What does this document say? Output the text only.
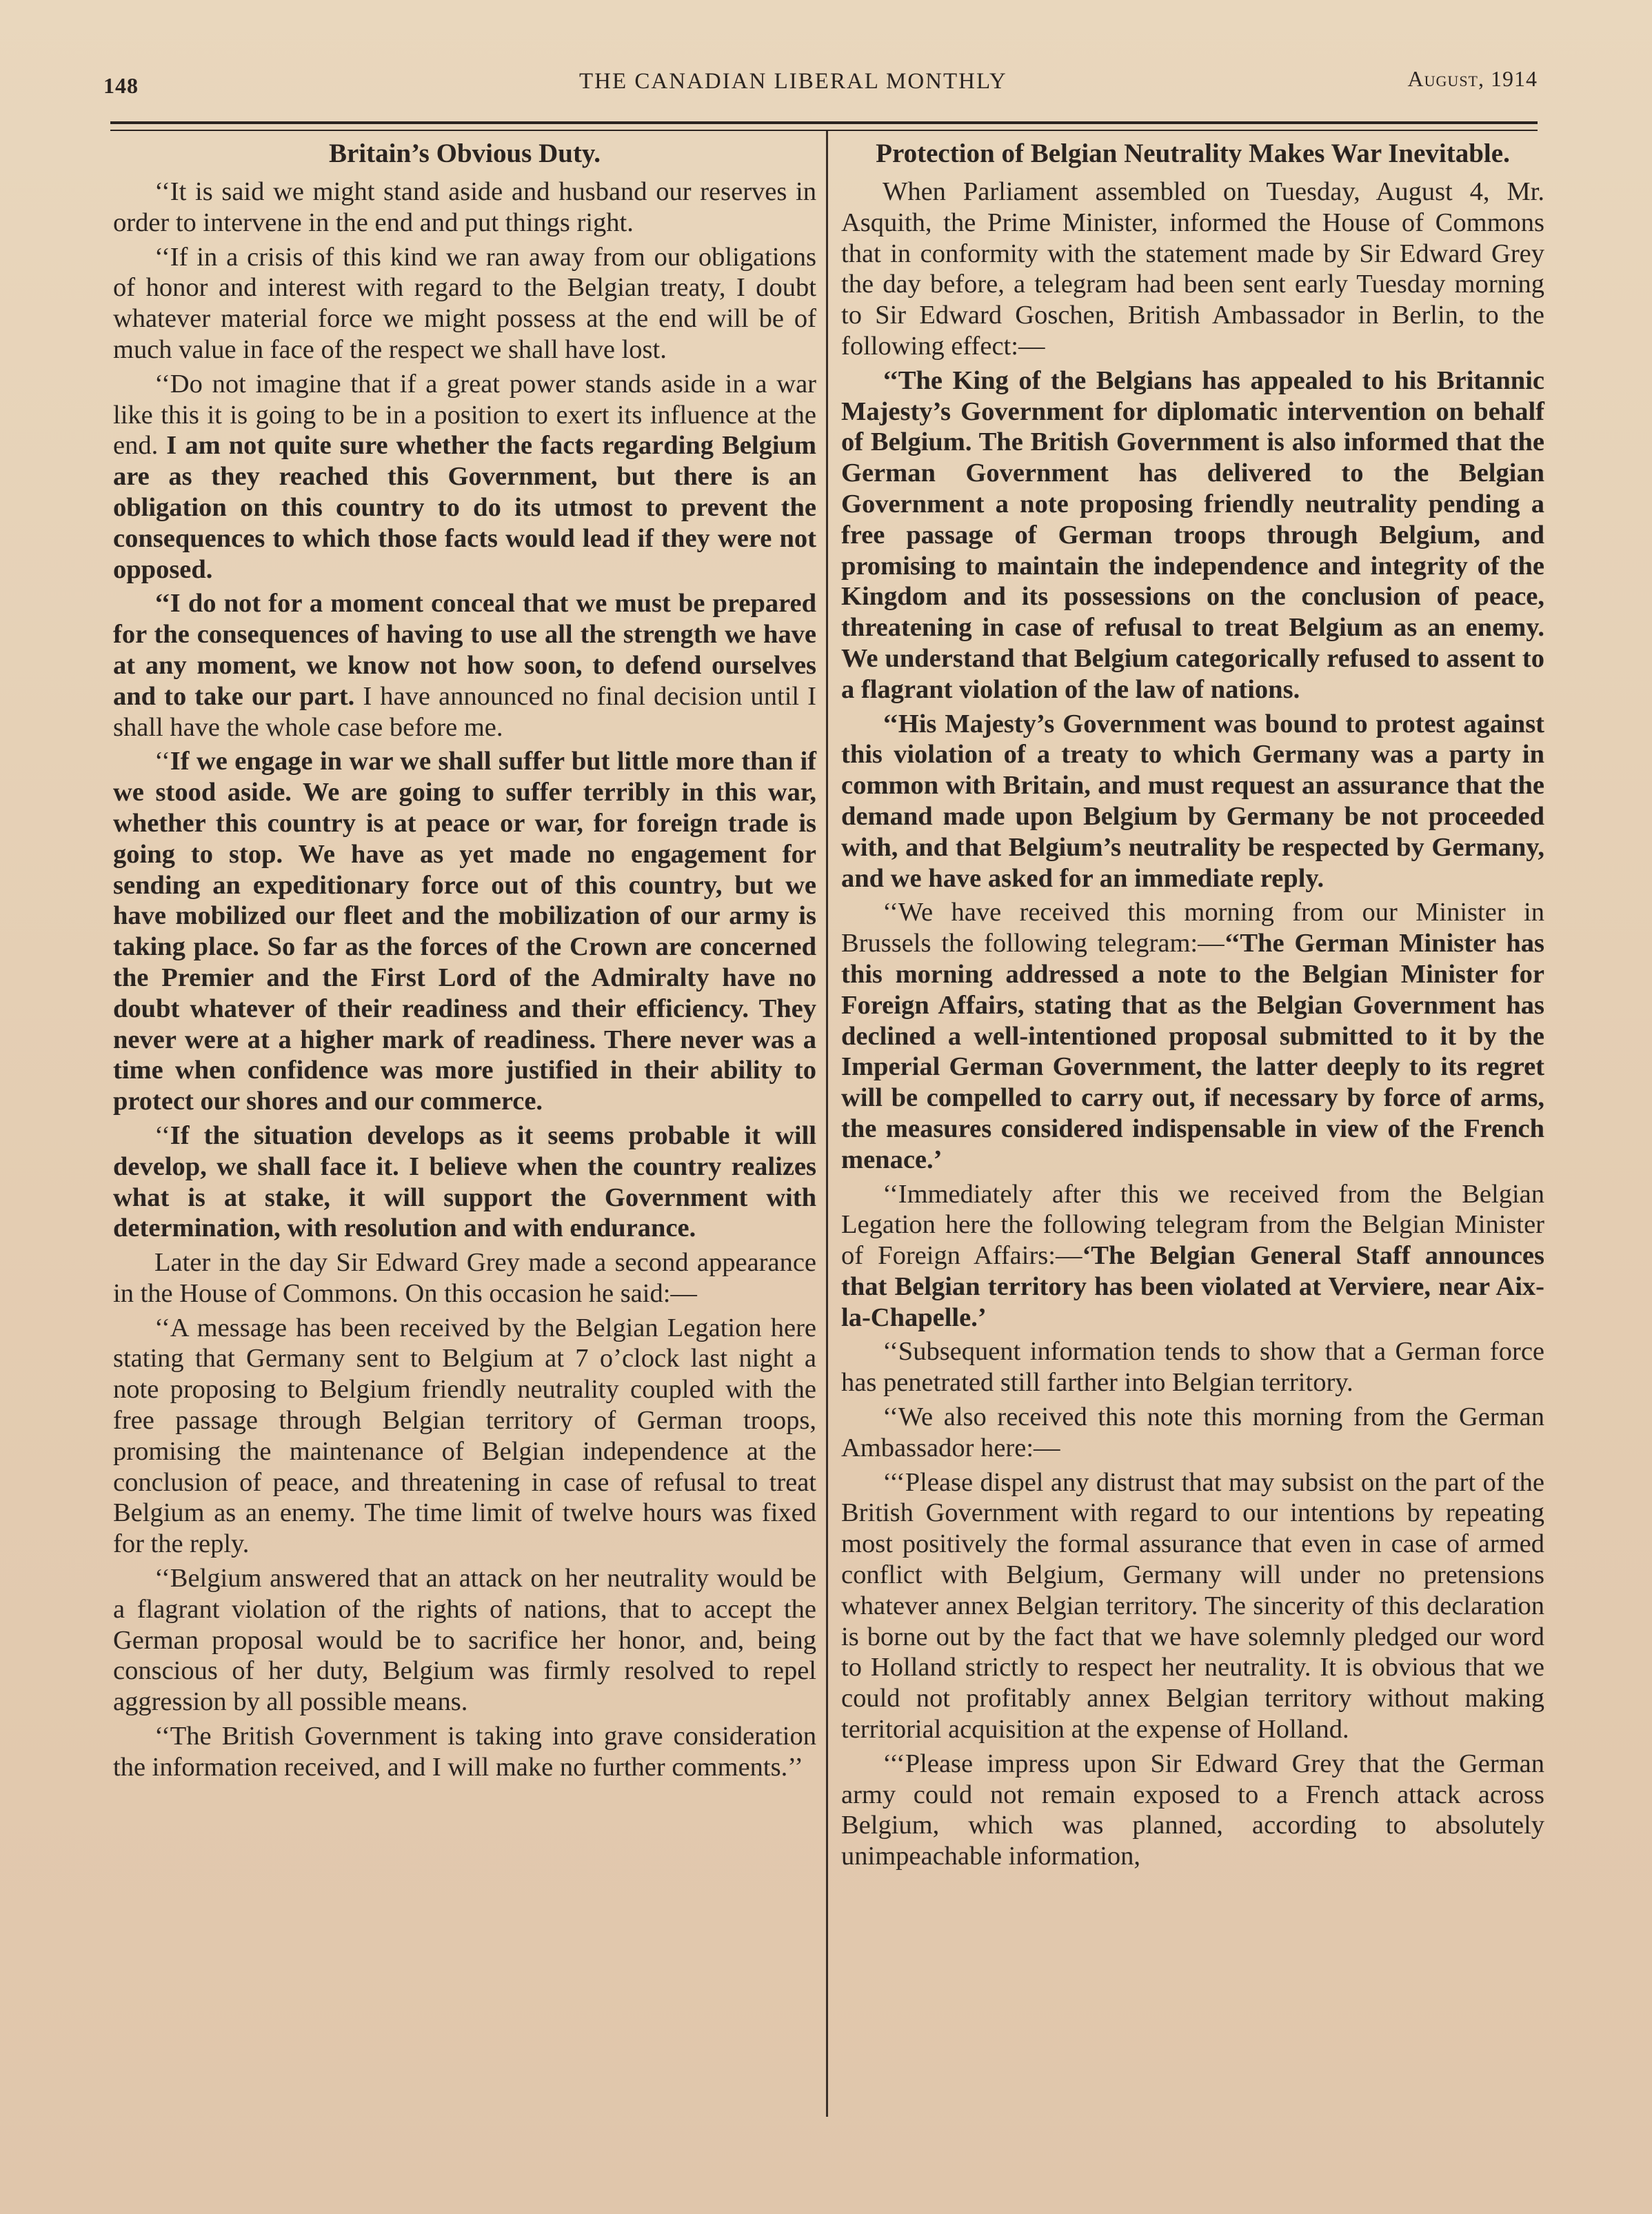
148	THE CANADIAN LIBERAL MONTHLY	August, 1914
Britain’s Obvious Duty.

‘‘It is said we might stand aside and husband our reserves in order to intervene in the end and put things right.

‘‘If in a crisis of this kind we ran away from our obligations of honor and interest with regard to the Belgian treaty, I doubt whatever material force we might possess at the end will be of much value in face of the respect we shall have lost.

‘‘Do not imagine that if a great power stands aside in a war like this it is going to be in a position to exert its influence at the end. I am not quite sure whether the facts regarding Belgium are as they reached this Government, but there is an obligation on this country to do its utmost to prevent the consequences to which those facts would lead if they were not opposed.

‘‘I do not for a moment conceal that we must be prepared for the consequences of having to use all the strength we have at any moment, we know not how soon, to defend ourselves and to take our part. I have announced no final decision until I shall have the whole case before me.

‘‘If we engage in war we shall suffer but little more than if we stood aside. We are going to suffer terribly in this war, whether this country is at peace or war, for foreign trade is going to stop. We have as yet made no engagement for sending an expeditionary force out of this country, but we have mobilized our fleet and the mobilization of our army is taking place. So far as the forces of the Crown are concerned the Premier and the First Lord of the Admiralty have no doubt whatever of their readiness and their efficiency. They never were at a higher mark of readiness. There never was a time when confidence was more justified in their ability to protect our shores and our commerce.

‘‘If the situation develops as it seems probable it will develop, we shall face it. I believe when the country realizes what is at stake, it will support the Government with determination, with resolution and with endurance.

Later in the day Sir Edward Grey made a second appearance in the House of Commons. On this occasion he said:—

‘‘A message has been received by the Belgian Legation here stating that Germany sent to Belgium at 7 o’clock last night a note proposing to Belgium friendly neutrality coupled with the free passage through Belgian territory of German troops, promising the maintenance of Belgian independence at the conclusion of peace, and threatening in case of refusal to treat Belgium as an enemy. The time limit of twelve hours was fixed for the reply.

‘‘Belgium answered that an attack on her neutrality would be a flagrant violation of the rights of nations, that to accept the German proposal would be to sacrifice her honor, and, being conscious of her duty, Belgium was firmly resolved to repel aggression by all possible means.

‘‘The British Government is taking into grave consideration the information received, and I will make no further comments.’’

Protection of Belgian Neutrality Makes War Inevitable.

When Parliament assembled on Tuesday, August 4, Mr. Asquith, the Prime Minister, informed the House of Commons that in conformity with the statement made by Sir Edward Grey the day before, a telegram had been sent early Tuesday morning to Sir Edward Goschen, British Ambassador in Berlin, to the following effect:—

‘‘The King of the Belgians has appealed to his Britannic Majesty’s Government for diplomatic intervention on behalf of Belgium. The British Government is also informed that the German Government has delivered to the Belgian Government a note proposing friendly neutrality pending a free passage of German troops through Belgium, and promising to maintain the independence and integrity of the Kingdom and its possessions on the conclusion of peace, threatening in case of refusal to treat Belgium as an enemy. We understand that Belgium categorically refused to assent to a flagrant violation of the law of nations.

‘‘His Majesty’s Government was bound to protest against this violation of a treaty to which Germany was a party in common with Britain, and must request an assurance that the demand made upon Belgium by Germany be not proceeded with, and that Belgium’s neutrality be respected by Germany, and we have asked for an immediate reply.

‘‘We have received this morning from our Minister in Brussels the following telegram:—‘‘The German Minister has this morning addressed a note to the Belgian Minister for Foreign Affairs, stating that as the Belgian Government has declined a well-intentioned proposal submitted to it by the Imperial German Government, the latter deeply to its regret will be compelled to carry out, if necessary by force of arms, the measures considered indispensable in view of the French menace.’

‘‘Immediately after this we received from the Belgian Legation here the following telegram from the Belgian Minister of Foreign Affairs:—‘The Belgian General Staff announces that Belgian territory has been violated at Verviere, near Aix-la-Chapelle.’

‘‘Subsequent information tends to show that a German force has penetrated still farther into Belgian territory.

‘‘We also received this note this morning from the German Ambassador here:—

‘‘‘Please dispel any distrust that may subsist on the part of the British Government with regard to our intentions by repeating most positively the formal assurance that even in case of armed conflict with Belgium, Germany will under no pretensions whatever annex Belgian territory. The sincerity of this declaration is borne out by the fact that we have solemnly pledged our word to Holland strictly to respect her neutrality. It is obvious that we could not profitably annex Belgian territory without making territorial acquisition at the expense of Holland.

‘‘‘Please impress upon Sir Edward Grey that the German army could not remain exposed to a French attack across Belgium, which was planned, according to absolutely unimpeachable information,
